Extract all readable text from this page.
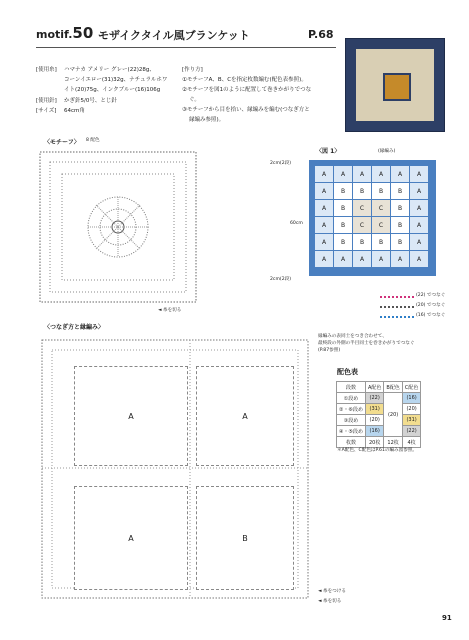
motif.50 モザイクタイル風ブランケット	P.68
[使用糸] ハマナカ アメリー グレー(22)28g、
コーンイエロー(31)32g、ナチュラルホワ
イト(20)75g、インクブルー(16)106g
[使用針] かぎ針5/0号、とじ針
[サイズ] 64cm角
[作り方]
①モチーフA、B、Cを指定枚数編む(配色表参照)。
②モチーフを図1のように配置して巻きかがりでつな
ぐ。
③モチーフから目を拾い、縁編みを編む(つなぎ方と
縁編み参照)。
〈モチーフ〉 8 配色
◄ 糸を切る
〈図 1〉	(縁編み)
2cm(2段)
60cm
2cm(2段)
A	A	A	A	A	A
A	B	B	B	B	A
A	B	C	C	B	A
A	B	C	C	B	A
A	B	B	B	B	A
A	A	A	A	A	A
(22) でつなぐ
(20) でつなぐ
(16) でつなぐ
〈つなぎ方と縁編み〉
縁編みの表同士をつき合わせて、
最終段の外側の半目同士を巻きかがりでつなぐ
(P.87参照)
A	A
A	B
◄ 糸をつける
◄ 糸を切る
配色表
段数	A配色	B配色	C配色
①段め	(22)	(20)	(16)
②・⑥段め	(31)		(20)
③段め	(20)		(31)
④・⑤段め	(16)		(22)
枚数	20枚	12枚	4枚
＊A配色、C配色はP.61の編み図参照。
91
